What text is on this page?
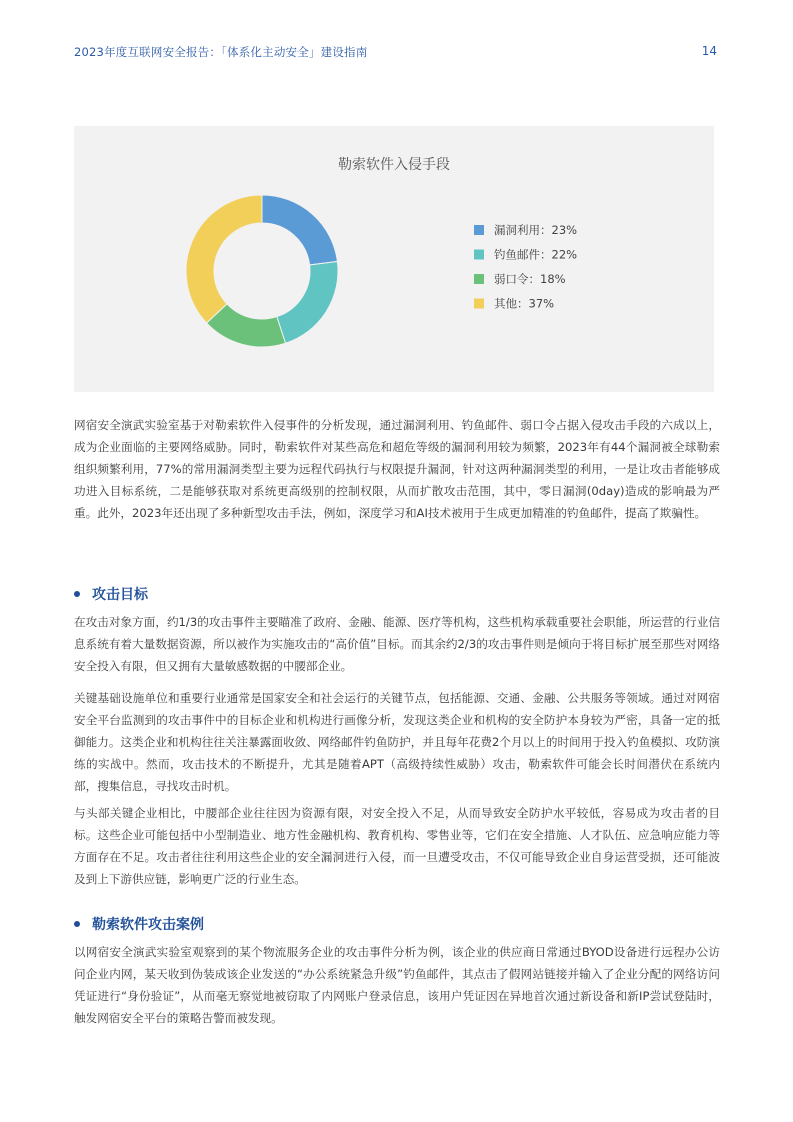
2023年度互联网安全报告：「体系化主动安全」建设指南	14
勒索软件入侵手段
漏洞利用：23%
钓鱼邮件：22%
弱口令：18%
其他：37%

网宿安全演武实验室基于对勒索软件入侵事件的分析发现，通过漏洞利用、钓鱼邮件、弱口令占据入侵攻击手段的六成以上，成为企业面临的主要网络威胁。同时，勒索软件对某些高危和超危等级的漏洞利用较为频繁，2023年有44个漏洞被全球勒索组织频繁利用，77%的常用漏洞类型主要为远程代码执行与权限提升漏洞，针对这两种漏洞类型的利用，一是让攻击者能够成功进入目标系统，二是能够获取对系统更高级别的控制权限，从而扩散攻击范围，其中，零日漏洞(0day)造成的影响最为严重。此外，2023年还出现了多种新型攻击手法，例如，深度学习和AI技术被用于生成更加精准的钓鱼邮件，提高了欺骗性。

攻击目标

在攻击对象方面，约1/3的攻击事件主要瞄准了政府、金融、能源、医疗等机构，这些机构承载重要社会职能，所运营的行业信息系统有着大量数据资源，所以被作为实施攻击的“高价值”目标。而其余约2/3的攻击事件则是倾向于将目标扩展至那些对网络安全投入有限，但又拥有大量敏感数据的中腰部企业。

关键基础设施单位和重要行业通常是国家安全和社会运行的关键节点，包括能源、交通、金融、公共服务等领域。通过对网宿安全平台监测到的攻击事件中的目标企业和机构进行画像分析，发现这类企业和机构的安全防护本身较为严密，具备一定的抵御能力。这类企业和机构往往关注暴露面收敛、网络邮件钓鱼防护，并且每年花费2个月以上的时间用于投入钓鱼模拟、攻防演练的实战中。然而，攻击技术的不断提升，尤其是随着APT（高级持续性威胁）攻击，勒索软件可能会长时间潜伏在系统内部，搜集信息，寻找攻击时机。

与头部关键企业相比，中腰部企业往往因为资源有限，对安全投入不足，从而导致安全防护水平较低，容易成为攻击者的目标。这些企业可能包括中小型制造业、地方性金融机构、教育机构、零售业等，它们在安全措施、人才队伍、应急响应能力等方面存在不足。攻击者往往利用这些企业的安全漏洞进行入侵，而一旦遭受攻击，不仅可能导致企业自身运营受损，还可能波及到上下游供应链，影响更广泛的行业生态。

勒索软件攻击案例

以网宿安全演武实验室观察到的某个物流服务企业的攻击事件分析为例，该企业的供应商日常通过BYOD设备进行远程办公访问企业内网，某天收到伪装成该企业发送的“办公系统紧急升级”钓鱼邮件，其点击了假网站链接并输入了企业分配的网络访问凭证进行“身份验证”，从而毫无察觉地被窃取了内网账户登录信息，该用户凭证因在异地首次通过新设备和新IP尝试登陆时，触发网宿安全平台的策略告警而被发现。
